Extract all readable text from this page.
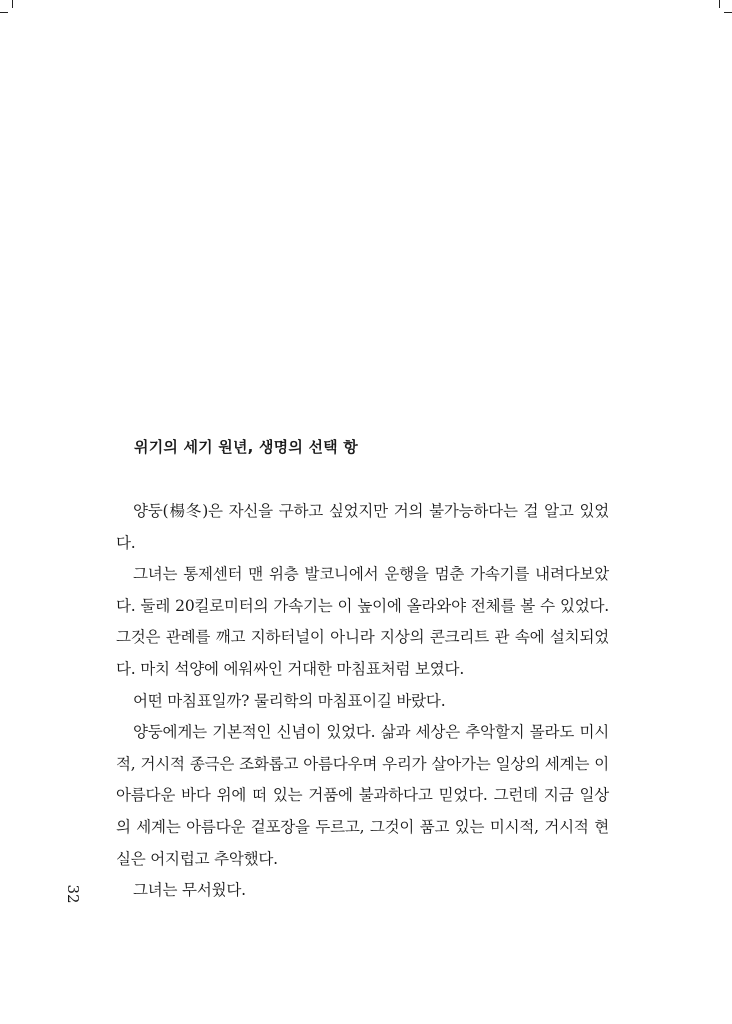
위기의 세기 원년, 생명의 선택 항

양둥(楊冬)은 자신을 구하고 싶었지만 거의 불가능하다는 걸 알고 있었다.

그녀는 통제센터 맨 위층 발코니에서 운행을 멈춘 가속기를 내려다보았다. 둘레 20킬로미터의 가속기는 이 높이에 올라와야 전체를 볼 수 있었다. 그것은 관례를 깨고 지하터널이 아니라 지상의 콘크리트 관 속에 설치되었다. 마치 석양에 에워싸인 거대한 마침표처럼 보였다.

어떤 마침표일까? 물리학의 마침표이길 바랐다.

양둥에게는 기본적인 신념이 있었다. 삶과 세상은 추악할지 몰라도 미시적, 거시적 종극은 조화롭고 아름다우며 우리가 살아가는 일상의 세계는 이 아름다운 바다 위에 떠 있는 거품에 불과하다고 믿었다. 그런데 지금 일상의 세계는 아름다운 겉포장을 두르고, 그것이 품고 있는 미시적, 거시적 현실은 어지럽고 추악했다.

그녀는 무서웠다.

32
